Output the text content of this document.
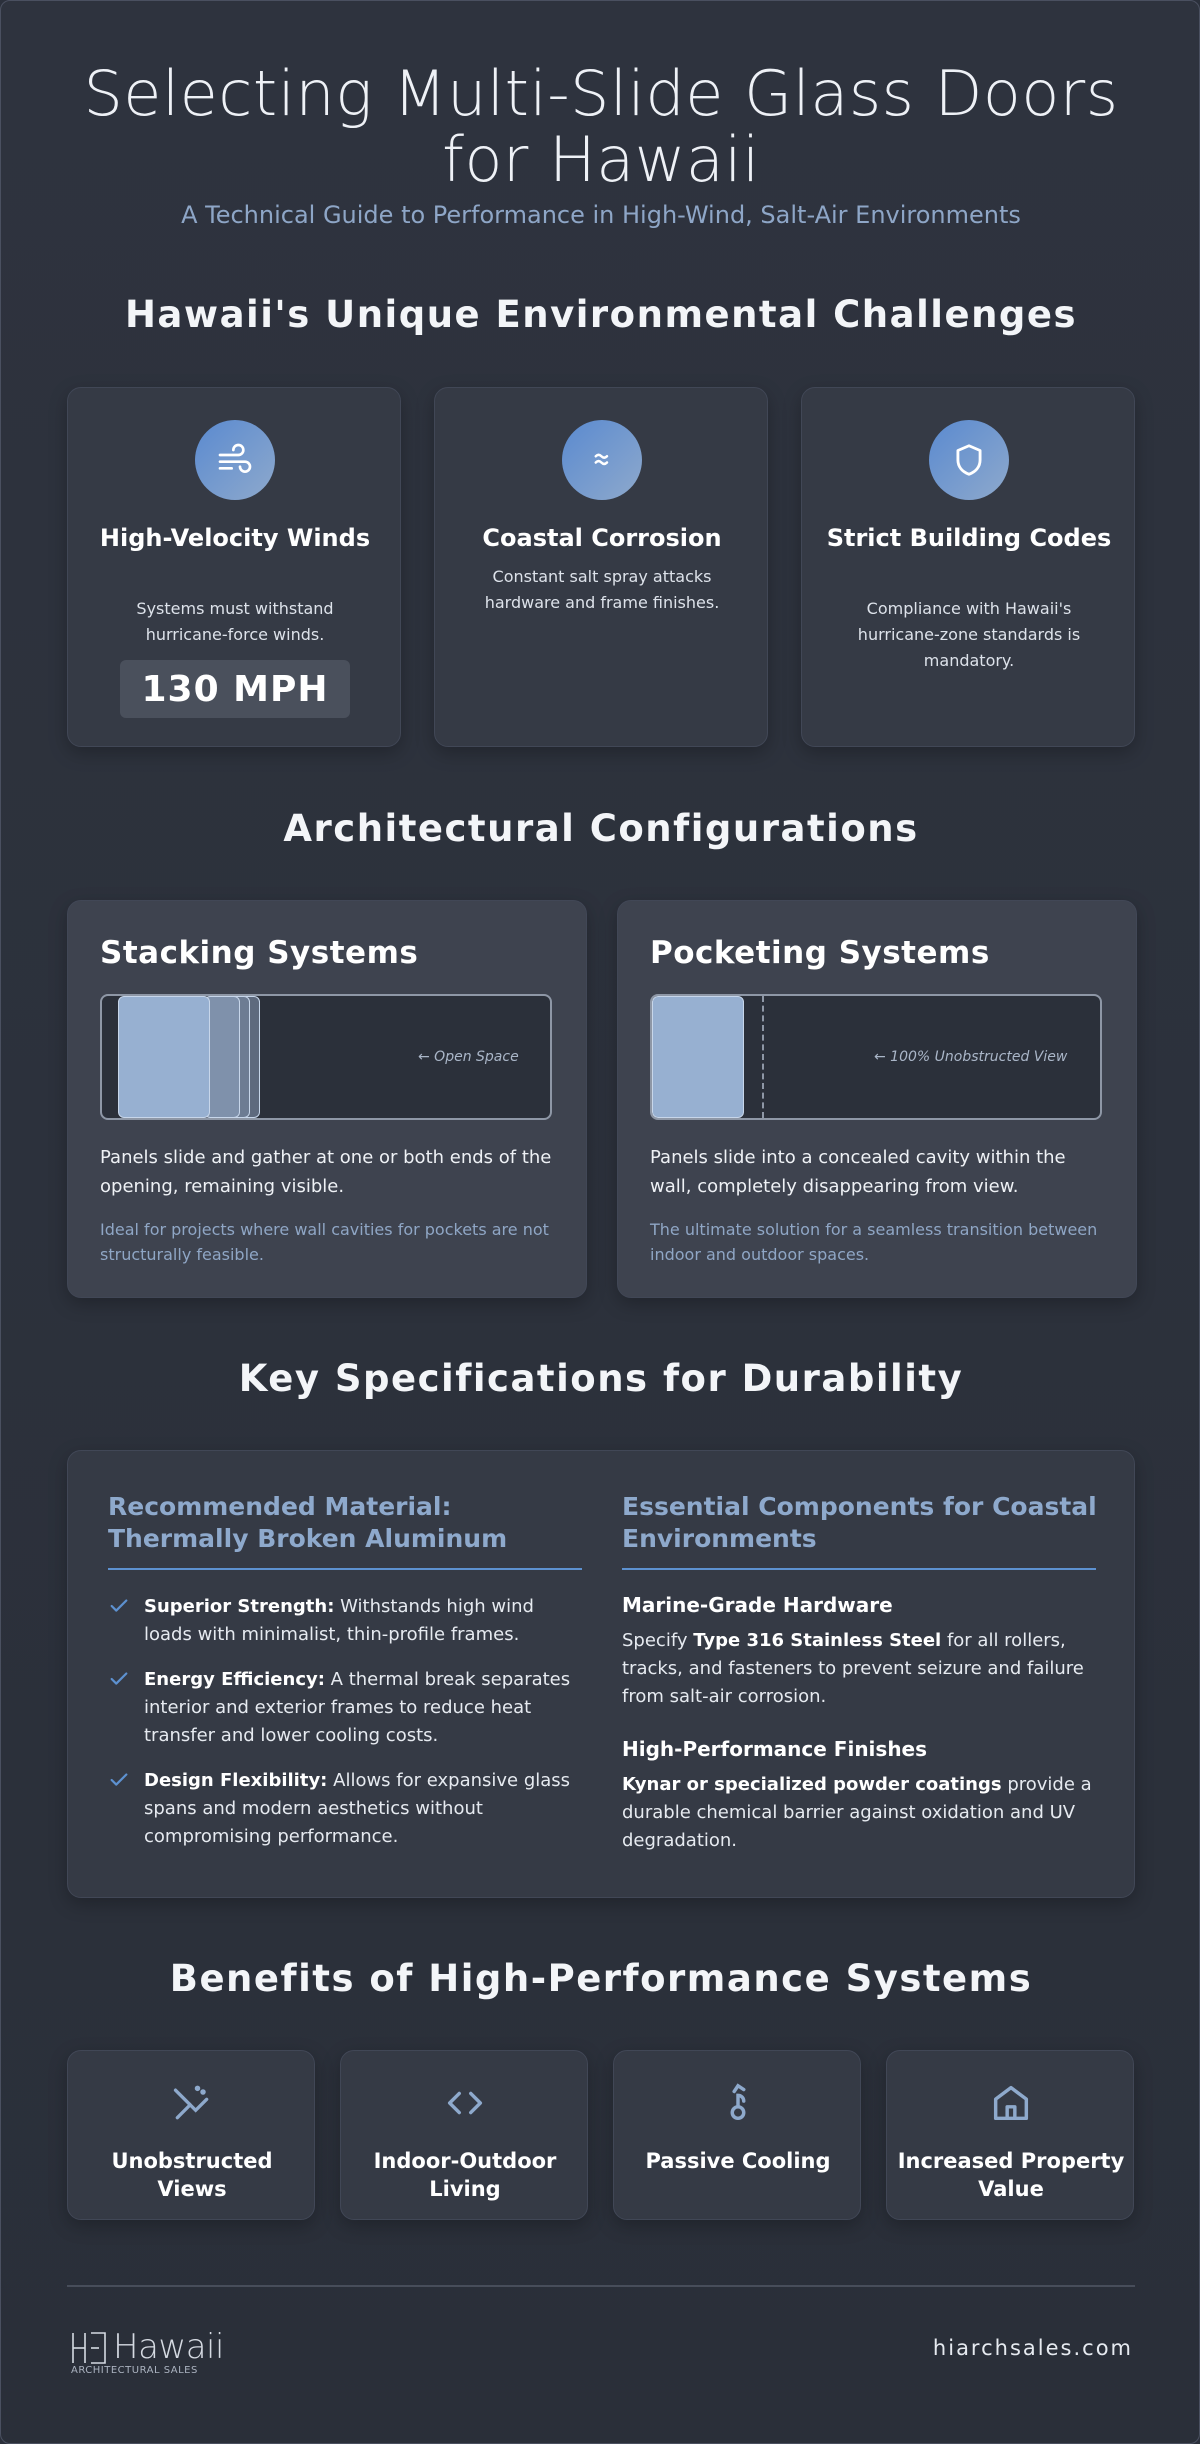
Selecting Multi-Slide Glass Doors for Hawaii
A Technical Guide to Performance in High-Wind, Salt-Air Environments
Hawaii's Unique Environmental Challenges
High-Velocity Winds
Systems must withstand hurricane-force winds.
130 MPH
Coastal Corrosion
Constant salt spray attacks hardware and frame finishes.
Strict Building Codes
Compliance with Hawaii's hurricane-zone standards is mandatory.
Architectural Configurations
Stacking Systems
← Open Space
Panels slide and gather at one or both ends of the opening, remaining visible.
Ideal for projects where wall cavities for pockets are not structurally feasible.
Pocketing Systems
← 100% Unobstructed View
Panels slide into a concealed cavity within the wall, completely disappearing from view.
The ultimate solution for a seamless transition between indoor and outdoor spaces.
Key Specifications for Durability
Recommended Material: Thermally Broken Aluminum
Superior Strength: Withstands high wind loads with minimalist, thin-profile frames.
Energy Efficiency: A thermal break separates interior and exterior frames to reduce heat transfer and lower cooling costs.
Design Flexibility: Allows for expansive glass spans and modern aesthetics without compromising performance.
Essential Components for Coastal Environments
Marine-Grade Hardware
Specify Type 316 Stainless Steel for all rollers, tracks, and fasteners to prevent seizure and failure from salt-air corrosion.
High-Performance Finishes
Kynar or specialized powder coatings provide a durable chemical barrier against oxidation and UV degradation.
Benefits of High-Performance Systems
Unobstructed Views
Indoor-Outdoor Living
Passive Cooling	Increased Property Value
Hawaii
ARCHITECTURAL SALES
hiarchsales.com
